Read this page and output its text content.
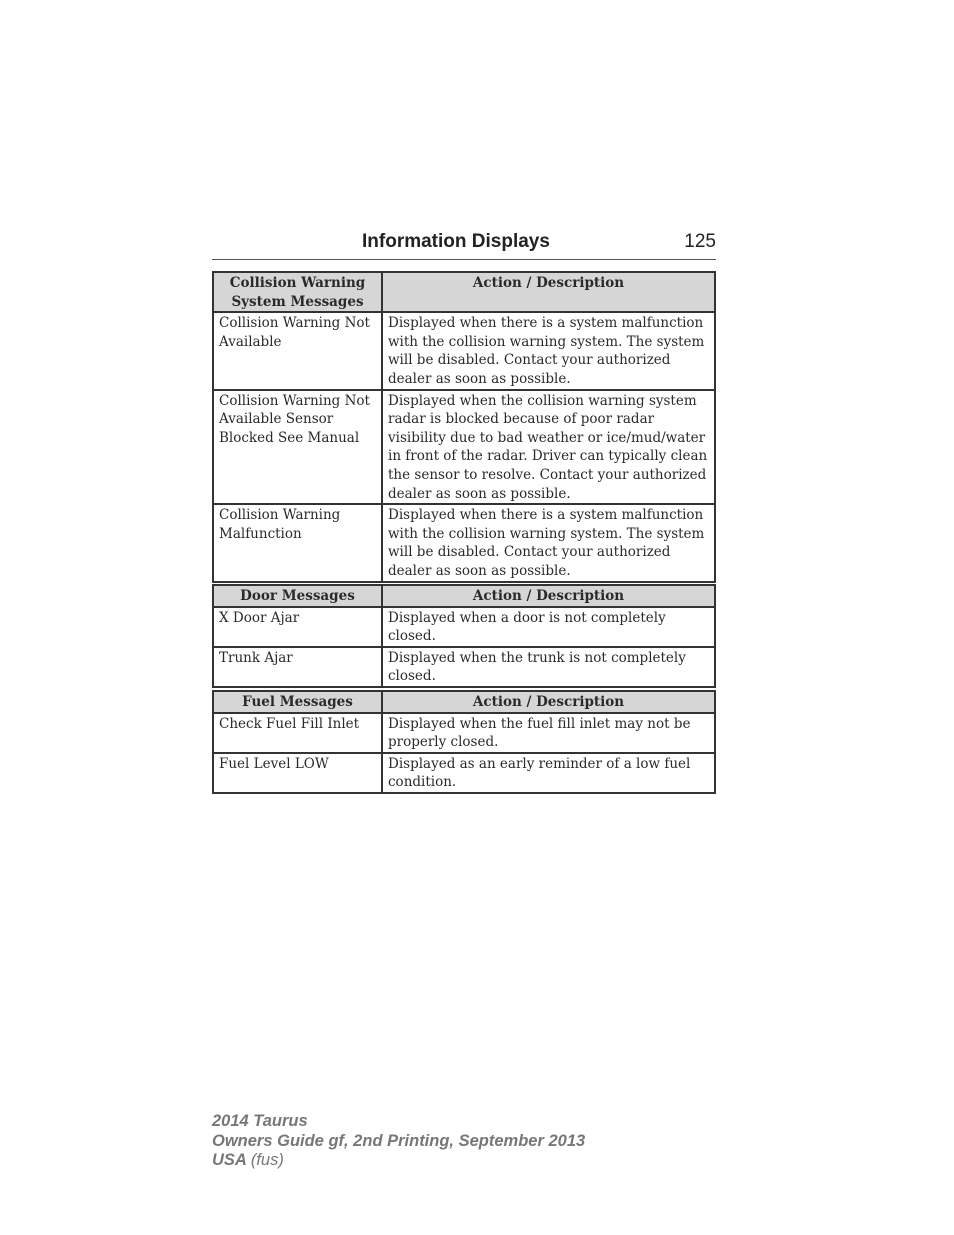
Information Displays	125
Collision Warning System Messages	Action / Description
Collision Warning Not Available	Displayed when there is a system malfunction with the collision warning system. The system will be disabled. Contact your authorized dealer as soon as possible.
Collision Warning Not Available Sensor Blocked See Manual	Displayed when the collision warning system radar is blocked because of poor radar visibility due to bad weather or ice/mud/water in front of the radar. Driver can typically clean the sensor to resolve. Contact your authorized dealer as soon as possible.
Collision Warning Malfunction	Displayed when there is a system malfunction with the collision warning system. The system will be disabled. Contact your authorized dealer as soon as possible.
Door Messages	Action / Description
X Door Ajar	Displayed when a door is not completely closed.
Trunk Ajar	Displayed when the trunk is not completely closed.
Fuel Messages	Action / Description
Check Fuel Fill Inlet	Displayed when the fuel fill inlet may not be properly closed.
Fuel Level LOW	Displayed as an early reminder of a low fuel condition.
2014 Taurus
Owners Guide gf, 2nd Printing, September 2013
USA (fus)
